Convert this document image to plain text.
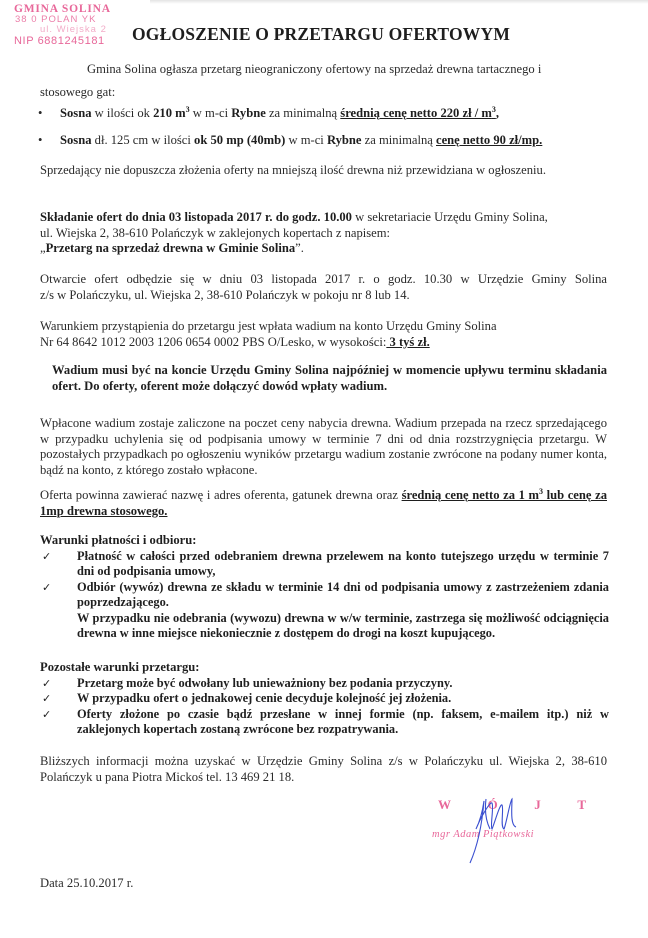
GMINA SOLINA
38 0 POLAN YK
ul. Wiejska 2
NIP 6881245181	OGŁOSZENIE O PRZETARGU OFERTOWYM
Gmina Solina ogłasza przetarg nieograniczony ofertowy na sprzedaż drewna tartacznego i
stosowego gat:
• Sosna w ilości ok 210 $m^3$ w m-ci Rybne za minimalną średnią cenę netto 220 zł / $m^3$,
• Sosna dł. 125 cm w ilości ok 50 mp (40mb) w m-ci Rybne za minimalną cenę netto 90 zł/mp.
Sprzedający nie dopuszcza złożenia oferty na mniejszą ilość drewna niż przewidziana w ogłoszeniu.
Składanie ofert do dnia 03 listopada 2017 r. do godz. 10.00 w sekretariacie Urzędu Gminy Solina,
ul. Wiejska 2, 38-610 Polańczyk w zaklejonych kopertach z napisem:
„Przetarg na sprzedaż drewna w Gminie Solina”.
Otwarcie ofert odbędzie się w dniu 03 listopada 2017 r. o godz. 10.30 w Urzędzie Gminy Solina
z/s w Polańczyku, ul. Wiejska 2, 38-610 Polańczyk w pokoju nr 8 lub 14.
Warunkiem przystąpienia do przetargu jest wpłata wadium na konto Urzędu Gminy Solina
Nr 64 8642 1012 2003 1206 0654 0002 PBS O/Lesko, w wysokości: 3 tyś zł.
Wadium musi być na koncie Urzędu Gminy Solina najpóźniej w momencie upływu terminu składania ofert. Do oferty, oferent może dołączyć dowód wpłaty wadium.
Wpłacone wadium zostaje zaliczone na poczet ceny nabycia drewna. Wadium przepada na rzecz sprzedającego w przypadku uchylenia się od podpisania umowy w terminie 7 dni od dnia rozstrzygnięcia przetargu. W pozostałych przypadkach po ogłoszeniu wyników przetargu wadium zostanie zwrócone na podany numer konta, bądź na konto, z którego zostało wpłacone.
Oferta powinna zawierać nazwę i adres oferenta, gatunek drewna oraz średnią cenę netto za 1 $m^3$ lub cenę za 1mp drewna stosowego.
Warunki płatności i odbioru:
✓ Płatność w całości przed odebraniem drewna przelewem na konto tutejszego urzędu w terminie 7 dni od podpisania umowy,
✓ Odbiór (wywóz) drewna ze składu w terminie 14 dni od podpisania umowy z zastrzeżeniem zdania poprzedzającego.
W przypadku nie odebrania (wywozu) drewna w w/w terminie, zastrzega się możliwość odciągnięcia drewna w inne miejsce niekoniecznie z dostępem do drogi na koszt kupującego.
Pozostałe warunki przetargu:
✓ Przetarg może być odwołany lub unieważniony bez podania przyczyny.
✓ W przypadku ofert o jednakowej cenie decyduje kolejność jej złożenia.
✓ Oferty złożone po czasie bądź przesłane w innej formie (np. faksem, e-mailem itp.) niż w zaklejonych kopertach zostaną zwrócone bez rozpatrywania.
Bliższych informacji można uzyskać w Urzędzie Gminy Solina z/s w Polańczyku ul. Wiejska 2, 38-610 Polańczyk u pana Piotra Mickoś tel. 13 469 21 18.
W	Ó	J	T
mgr Adam Piątkowski
Data 25.10.2017 r.
